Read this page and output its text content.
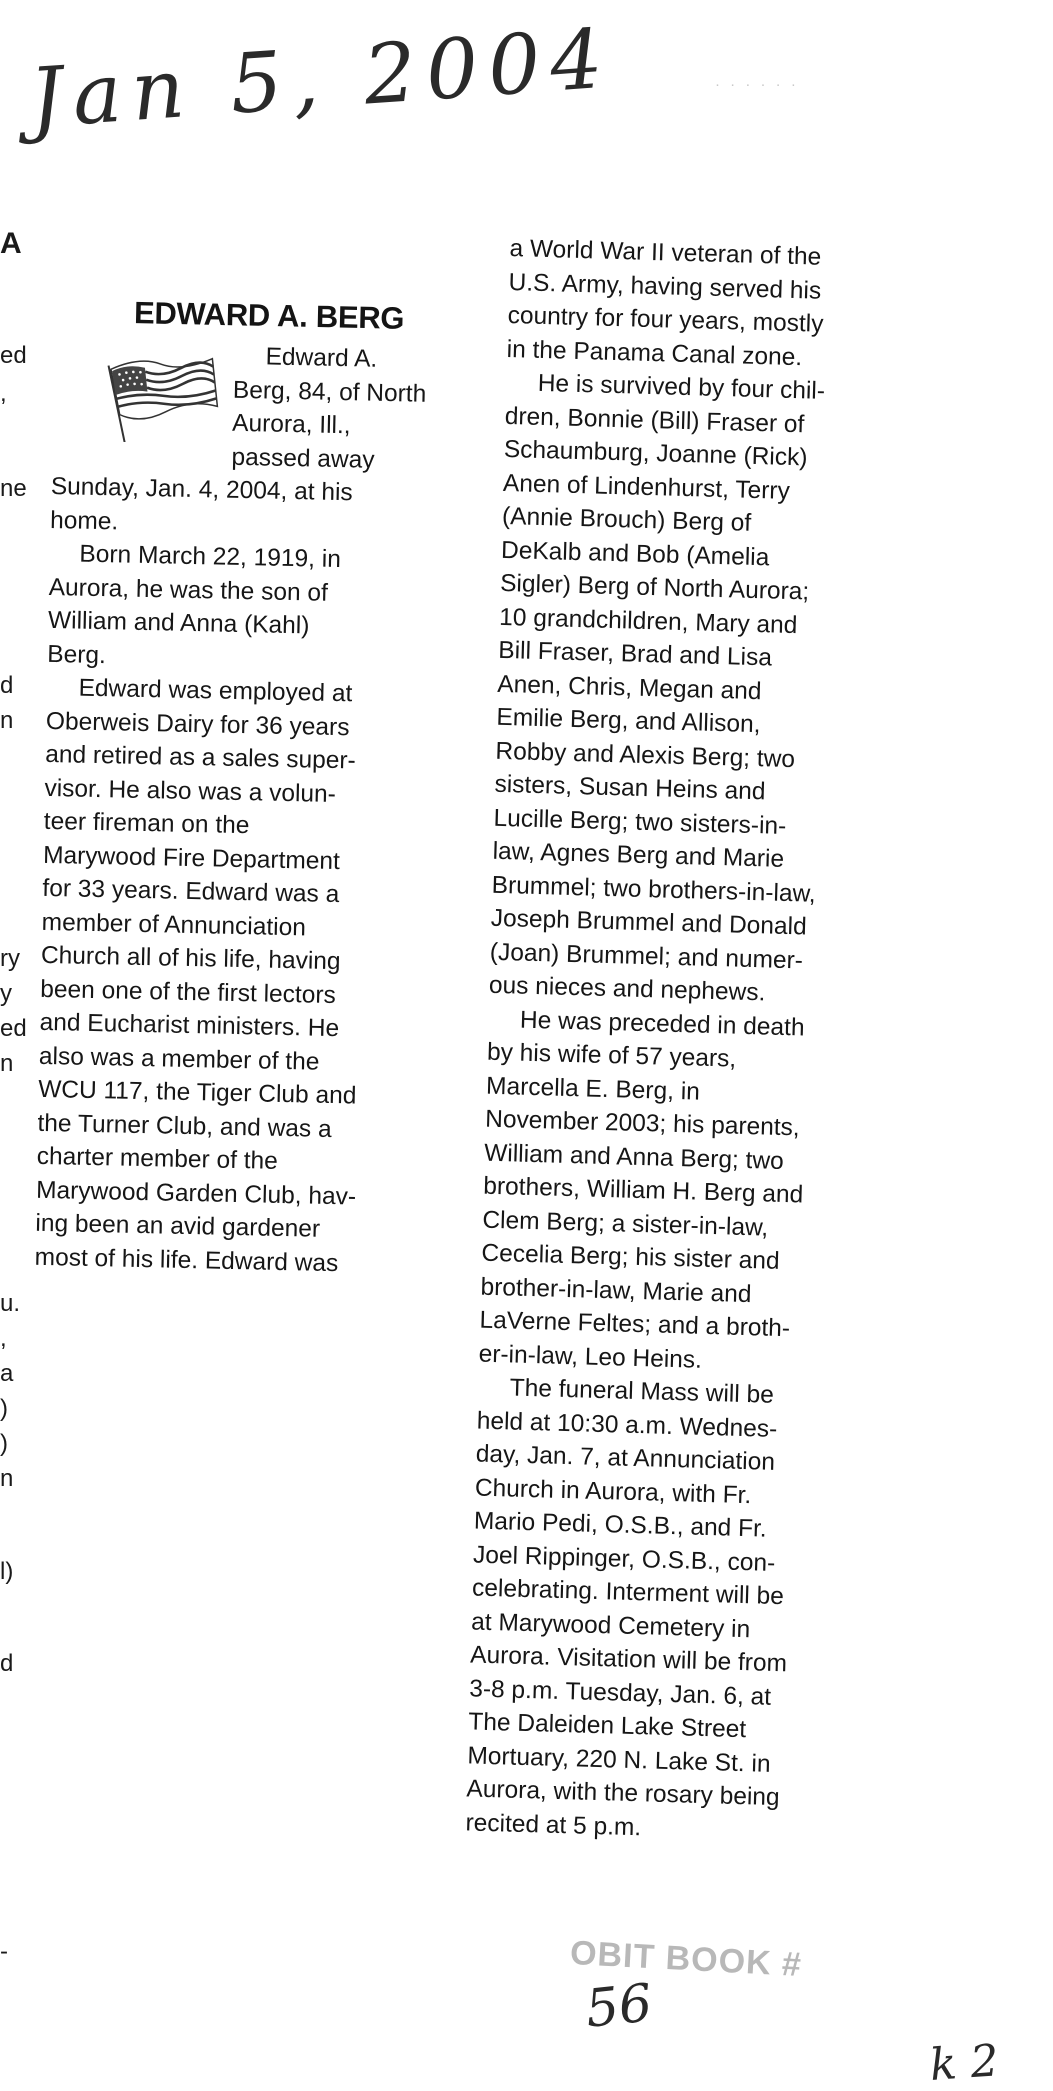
Jan 5, 2004	· · · · · ·
A
ed
,
ne
d
n
ry
y
ed
n
u.
,
a
)
)
n
l)
d
-
EDWARD A. BERG

Edward A.

Berg, 84, of North

Aurora, Ill.,

passed away

Sunday, Jan. 4, 2004, at his

home.

Born March 22, 1919, in

Aurora, he was the son of

William and Anna (Kahl)

Berg.

Edward was employed at

Oberweis Dairy for 36 years

and retired as a sales super-

visor. He also was a volun-

teer fireman on the

Marywood Fire Department

for 33 years. Edward was a

member of Annunciation

Church all of his life, having

been one of the first lectors

and Eucharist ministers. He

also was a member of the

WCU 117, the Tiger Club and

the Turner Club, and was a

charter member of the

Marywood Garden Club, hav-

ing been an avid gardener

most of his life. Edward was

a World War II veteran of the

U.S. Army, having served his

country for four years, mostly

in the Panama Canal zone.

He is survived by four chil-

dren, Bonnie (Bill) Fraser of

Schaumburg, Joanne (Rick)

Anen of Lindenhurst, Terry

(Annie Brouch) Berg of

DeKalb and Bob (Amelia

Sigler) Berg of North Aurora;

10 grandchildren, Mary and

Bill Fraser, Brad and Lisa

Anen, Chris, Megan and

Emilie Berg, and Allison,

Robby and Alexis Berg; two

sisters, Susan Heins and

Lucille Berg; two sisters-in-

law, Agnes Berg and Marie

Brummel; two brothers-in-law,

Joseph Brummel and Donald

(Joan) Brummel; and numer-

ous nieces and nephews.

He was preceded in death

by his wife of 57 years,

Marcella E. Berg, in

November 2003; his parents,

William and Anna Berg; two

brothers, William H. Berg and

Clem Berg; a sister-in-law,

Cecelia Berg; his sister and

brother-in-law, Marie and

LaVerne Feltes; and a broth-

er-in-law, Leo Heins.

The funeral Mass will be

held at 10:30 a.m. Wednes-

day, Jan. 7, at Annunciation

Church in Aurora, with Fr.

Mario Pedi, O.S.B., and Fr.

Joel Rippinger, O.S.B., con-

celebrating. Interment will be

at Marywood Cemetery in

Aurora. Visitation will be from

3-8 p.m. Tuesday, Jan. 6, at

The Daleiden Lake Street

Mortuary, 220 N. Lake St. in

Aurora, with the rosary being

recited at 5 p.m.

OBIT BOOK #
56
k 2
